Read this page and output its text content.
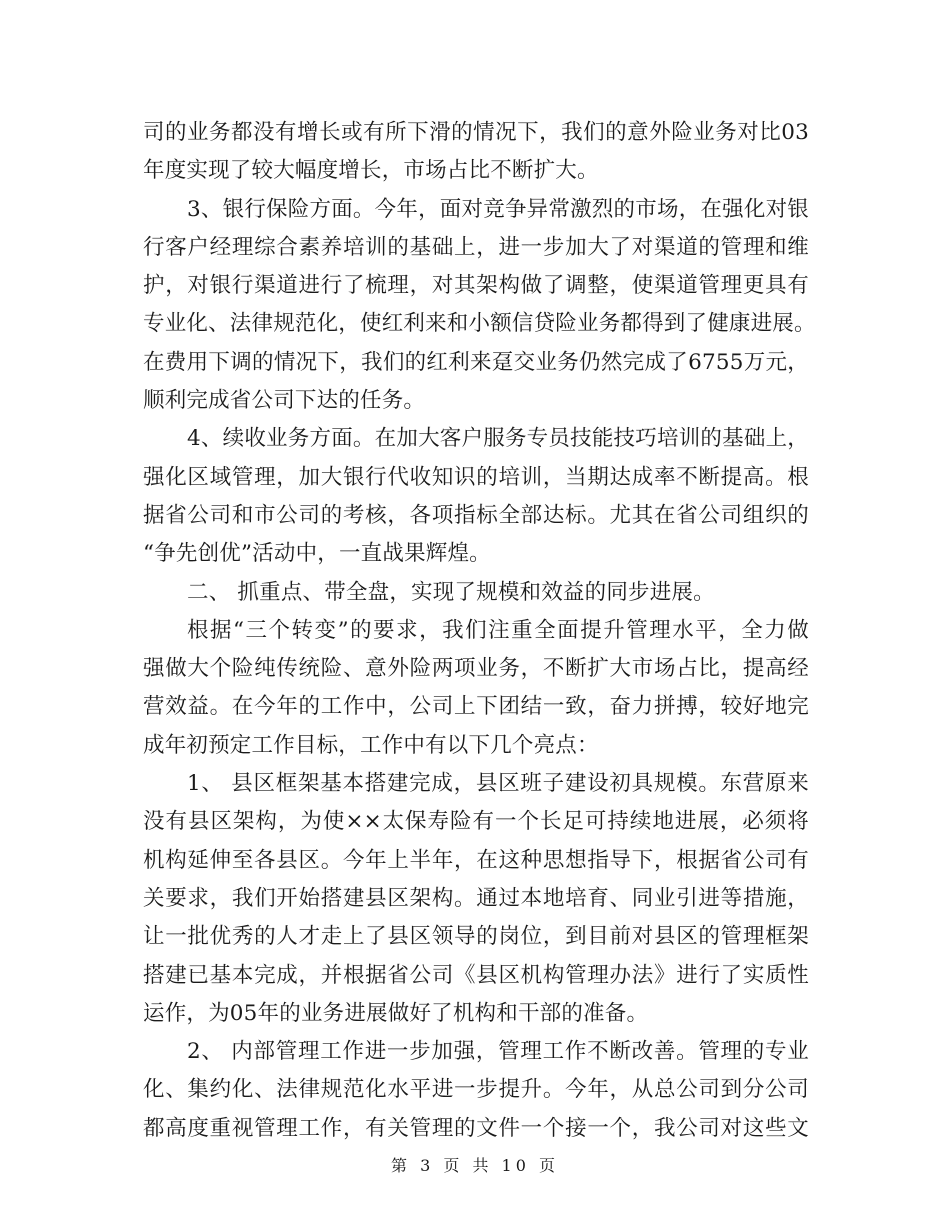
司的业务都没有增长或有所下滑的情况下，我们的意外险业务对比03
年度实现了较大幅度增长，市场占比不断扩大。
3、银行保险方面。今年，面对竞争异常激烈的市场，在强化对银
行客户经理综合素养培训的基础上，进一步加大了对渠道的管理和维
护，对银行渠道进行了梳理，对其架构做了调整，使渠道管理更具有
专业化、法律规范化，使红利来和小额信贷险业务都得到了健康进展。
在费用下调的情况下，我们的红利来趸交业务仍然完成了6755万元，
顺利完成省公司下达的任务。
4、续收业务方面。在加大客户服务专员技能技巧培训的基础上，
强化区域管理，加大银行代收知识的培训，当期达成率不断提高。根
据省公司和市公司的考核，各项指标全部达标。尤其在省公司组织的
“争先创优”活动中，一直战果辉煌。
二、 抓重点、带全盘，实现了规模和效益的同步进展。
根据“三个转变”的要求，我们注重全面提升管理水平，全力做
强做大个险纯传统险、意外险两项业务，不断扩大市场占比，提高经
营效益。在今年的工作中，公司上下团结一致，奋力拼搏，较好地完
成年初预定工作目标，工作中有以下几个亮点：
1、 县区框架基本搭建完成，县区班子建设初具规模。东营原来
没有县区架构，为使××太保寿险有一个长足可持续地进展，必须将
机构延伸至各县区。今年上半年，在这种思想指导下，根据省公司有
关要求，我们开始搭建县区架构。通过本地培育、同业引进等措施，
让一批优秀的人才走上了县区领导的岗位，到目前对县区的管理框架
搭建已基本完成，并根据省公司《县区机构管理办法》进行了实质性
运作，为05年的业务进展做好了机构和干部的准备。
2、 内部管理工作进一步加强，管理工作不断改善。管理的专业
化、集约化、法律规范化水平进一步提升。今年，从总公司到分公司
都高度重视管理工作，有关管理的文件一个接一个，我公司对这些文
第 3 页 共 10 页
